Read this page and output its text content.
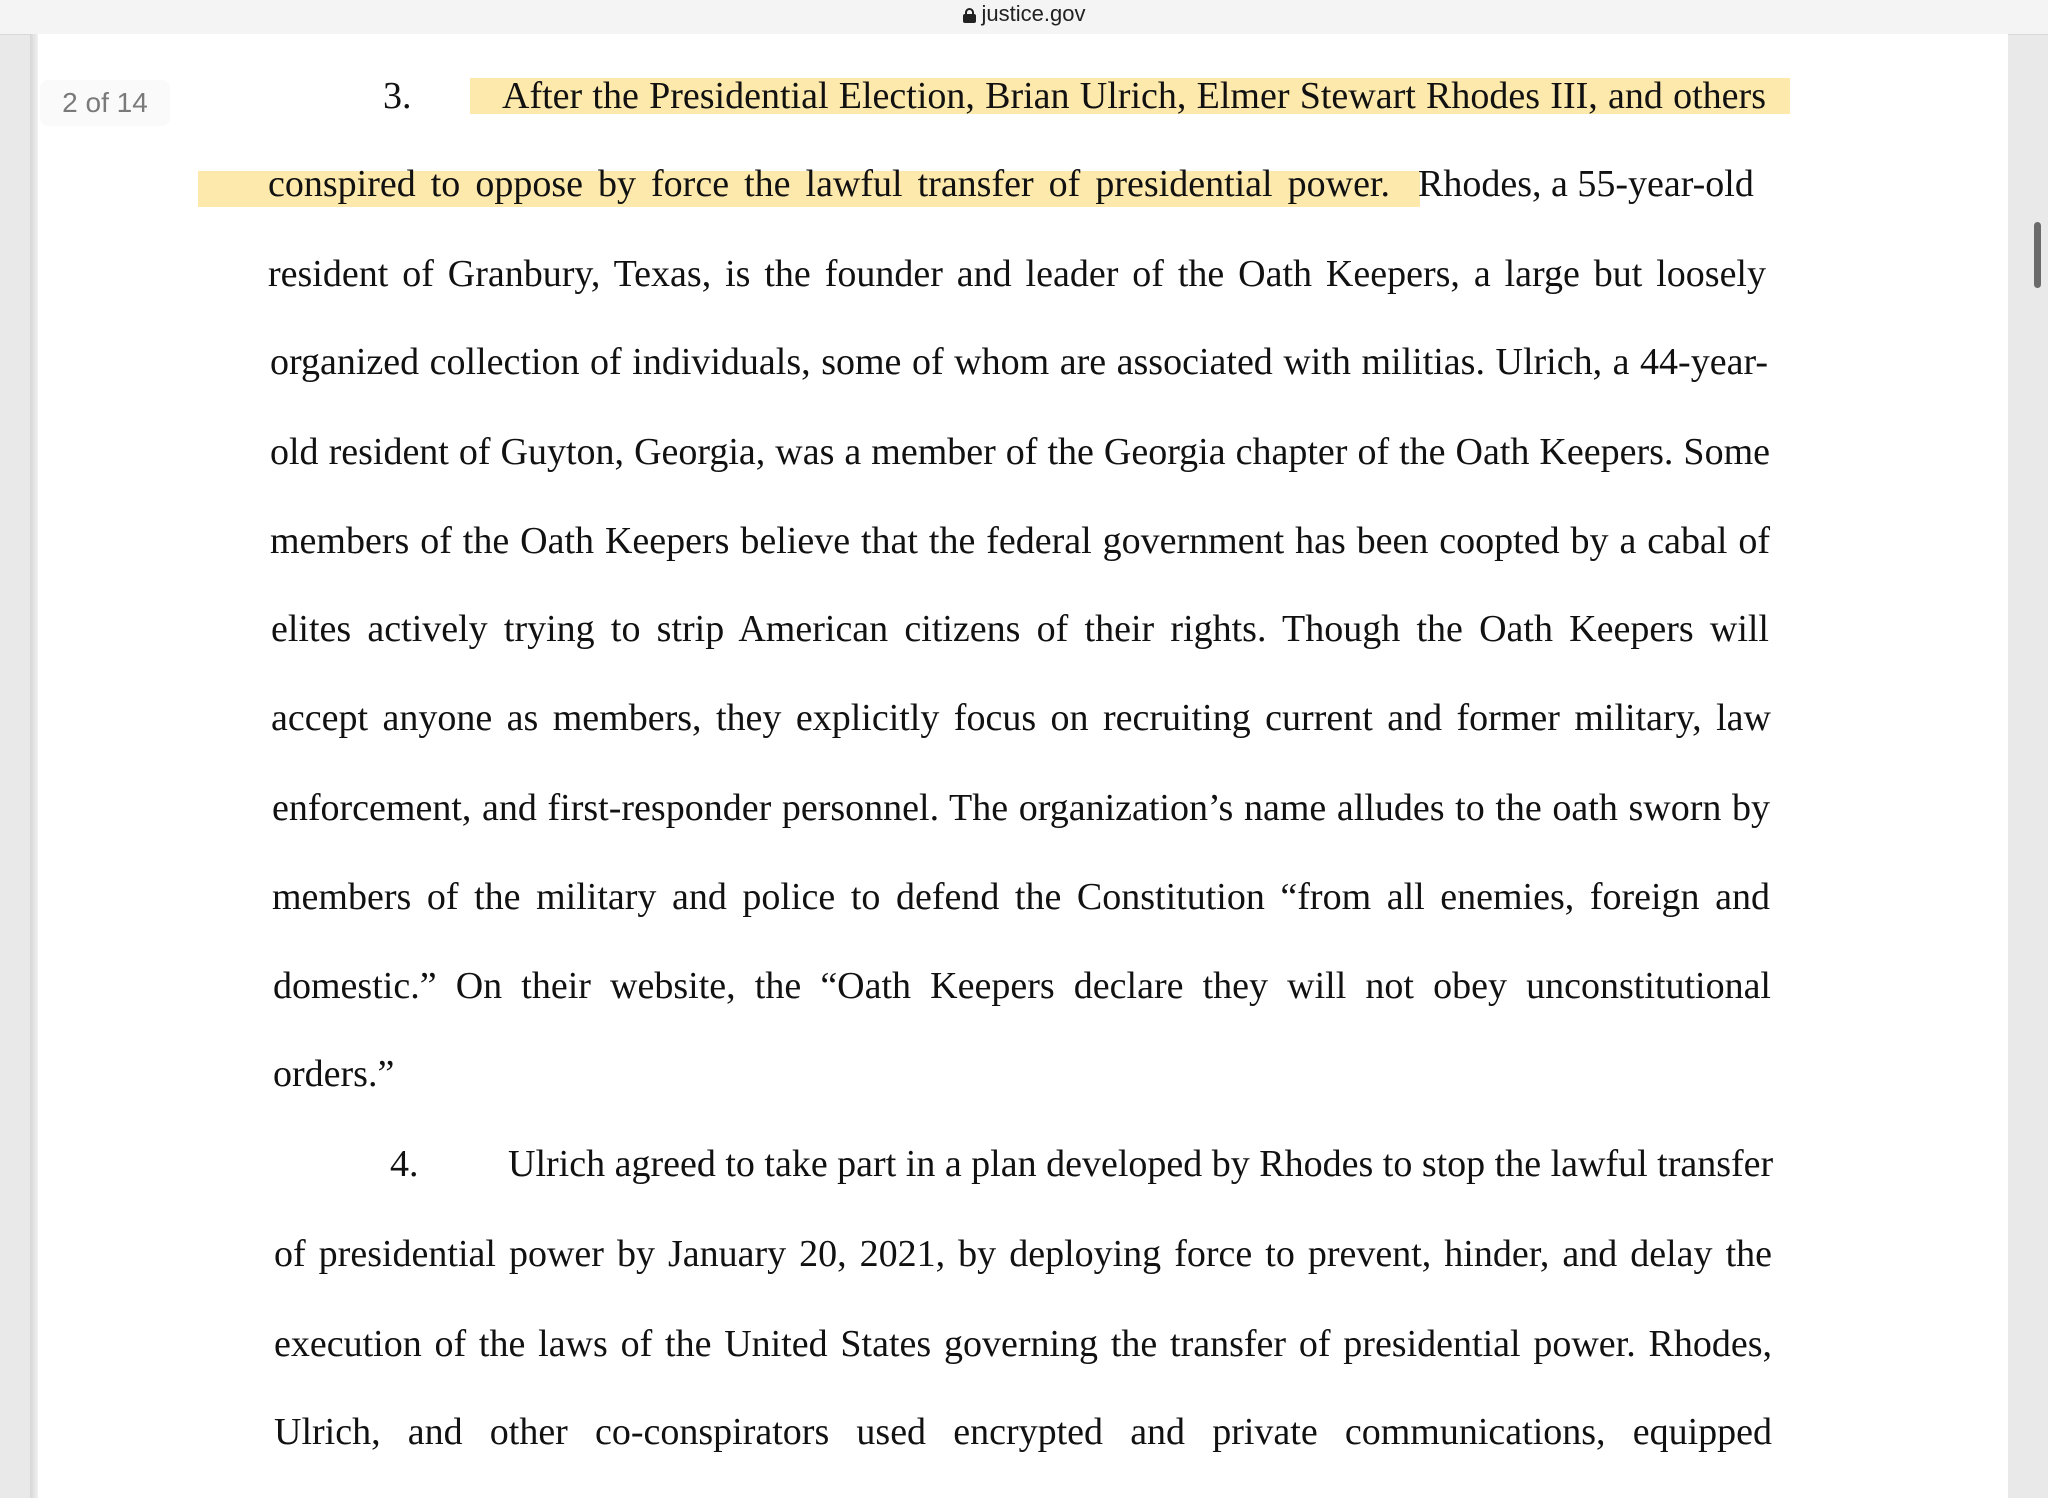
justice.gov
3. After the Presidential Election, Brian Ulrich, Elmer Stewart Rhodes III, and others
conspired to oppose by force the lawful transfer of presidential power. Rhodes, a 55-year-old
resident of Granbury, Texas, is the founder and leader of the Oath Keepers, a large but loosely
organized collection of individuals, some of whom are associated with militias. Ulrich, a 44-year-
old resident of Guyton, Georgia, was a member of the Georgia chapter of the Oath Keepers. Some
members of the Oath Keepers believe that the federal government has been coopted by a cabal of
elites actively trying to strip American citizens of their rights. Though the Oath Keepers will
accept anyone as members, they explicitly focus on recruiting current and former military, law
enforcement, and first-responder personnel. The organization’s name alludes to the oath sworn by
members of the military and police to defend the Constitution “from all enemies, foreign and
domestic.” On their website, the “Oath Keepers declare they will not obey unconstitutional
orders.”
4. Ulrich agreed to take part in a plan developed by Rhodes to stop the lawful transfer
of presidential power by January 20, 2021, by deploying force to prevent, hinder, and delay the
execution of the laws of the United States governing the transfer of presidential power. Rhodes,
Ulrich, and other co-conspirators used encrypted and private communications, equipped
2 of 14
